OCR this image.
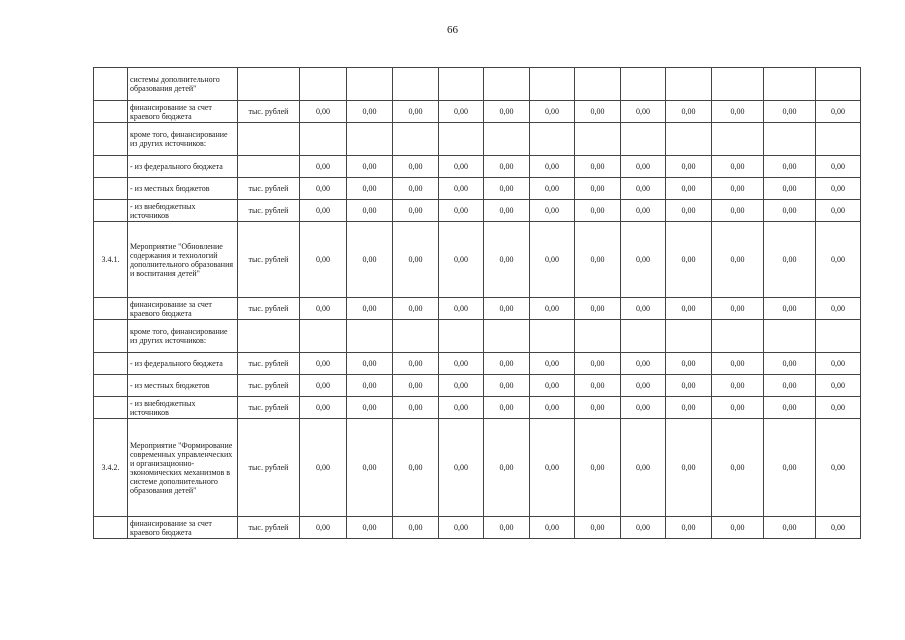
66
	системы дополнительного образования детей"														
	финансирование за счет краевого бюджета	тыс. рублей	0,00	0,00	0,00	0,00	0,00	0,00	0,00	0,00	0,00	0,00	0,00	0,00	
	кроме того, финансирование из других источников:														
	- из федерального бюджета		0,00	0,00	0,00	0,00	0,00	0,00	0,00	0,00	0,00	0,00	0,00	0,00	
	- из местных бюджетов	тыс. рублей	0,00	0,00	0,00	0,00	0,00	0,00	0,00	0,00	0,00	0,00	0,00	0,00	
	- из внебюджетных источников	тыс. рублей	0,00	0,00	0,00	0,00	0,00	0,00	0,00	0,00	0,00	0,00	0,00	0,00	
3.4.1.	Мероприятие "Обновление содержания и технологий дополнительного образования и воспитания детей"	тыс. рублей	0,00	0,00	0,00	0,00	0,00	0,00	0,00	0,00	0,00	0,00	0,00	0,00	
	финансирование за счет краевого бюджета	тыс. рублей	0,00	0,00	0,00	0,00	0,00	0,00	0,00	0,00	0,00	0,00	0,00	0,00	
	кроме того, финансирование из других источников:														
	- из федерального бюджета	тыс. рублей	0,00	0,00	0,00	0,00	0,00	0,00	0,00	0,00	0,00	0,00	0,00	0,00	
	- из местных бюджетов	тыс. рублей	0,00	0,00	0,00	0,00	0,00	0,00	0,00	0,00	0,00	0,00	0,00	0,00	
	- из внебюджетных источников	тыс. рублей	0,00	0,00	0,00	0,00	0,00	0,00	0,00	0,00	0,00	0,00	0,00	0,00	
3.4.2.	Мероприятие "Формирование современных управленческих и организационно-экономических механизмов в системе дополнительного образования детей"	тыс. рублей	0,00	0,00	0,00	0,00	0,00	0,00	0,00	0,00	0,00	0,00	0,00	0,00	
	финансирование за счет краевого бюджета	тыс. рублей	0,00	0,00	0,00	0,00	0,00	0,00	0,00	0,00	0,00	0,00	0,00	0,00	
